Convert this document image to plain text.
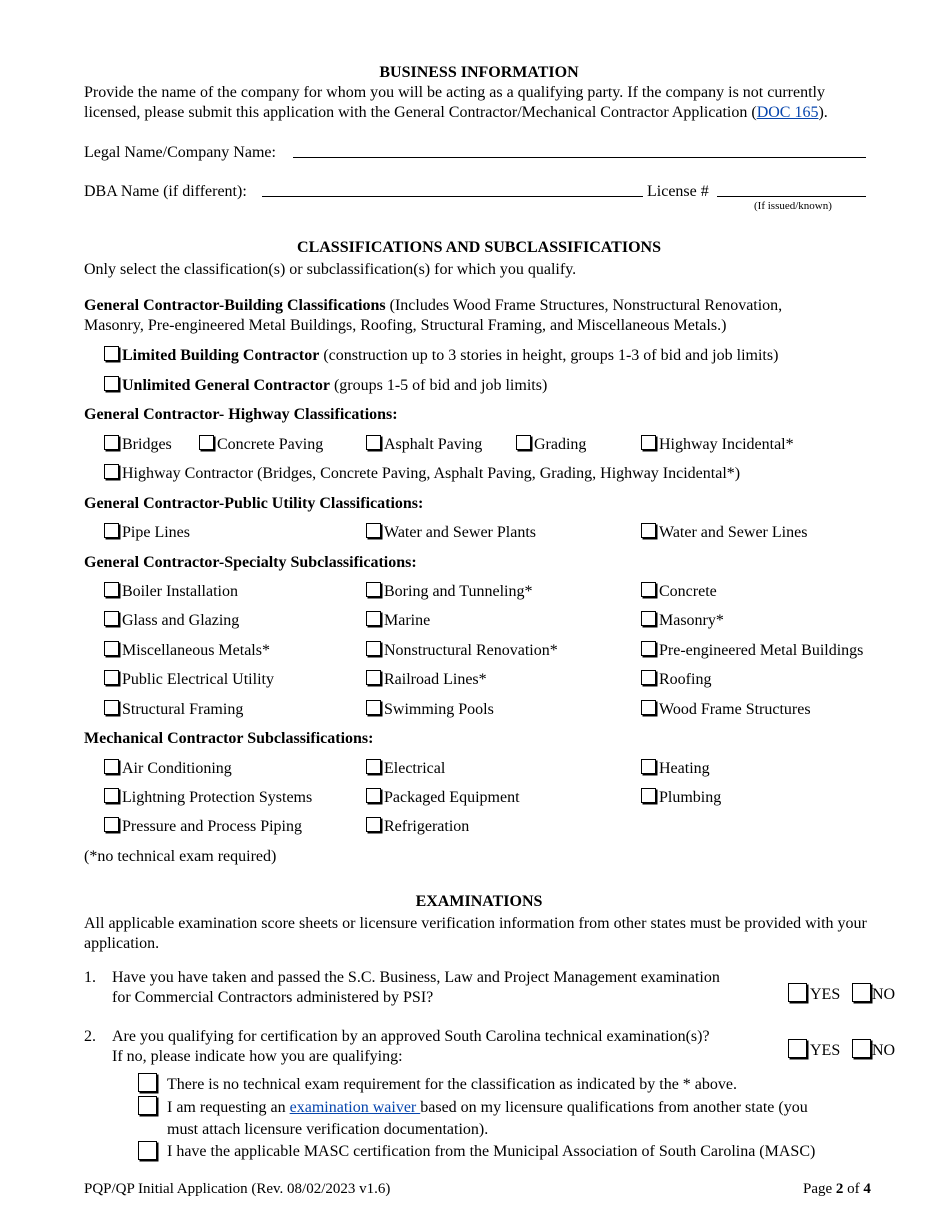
BUSINESS INFORMATION
Provide the name of the company for whom you will be acting as a qualifying party. If the company is not currently licensed, please submit this application with the General Contractor/Mechanical Contractor Application (DOC 165).
Legal Name/Company Name:
DBA Name (if different):	License #
(If issued/known)
CLASSIFICATIONS AND SUBCLASSIFICATIONS
Only select the classification(s) or subclassification(s) for which you qualify.
General Contractor-Building Classifications (Includes Wood Frame Structures, Nonstructural Renovation, Masonry, Pre-engineered Metal Buildings, Roofing, Structural Framing, and Miscellaneous Metals.)
Limited Building Contractor (construction up to 3 stories in height, groups 1-3 of bid and job limits)
Unlimited General Contractor (groups 1-5 of bid and job limits)
General Contractor- Highway Classifications:
Bridges	Concrete Paving	Asphalt Paving	Grading	Highway Incidental*
Highway Contractor (Bridges, Concrete Paving, Asphalt Paving, Grading, Highway Incidental*)
General Contractor-Public Utility Classifications:
Pipe Lines	Water and Sewer Plants	Water and Sewer Lines
General Contractor-Specialty Subclassifications:
Boiler Installation	Boring and Tunneling*	Concrete
Glass and Glazing	Marine	Masonry*
Miscellaneous Metals*	Nonstructural Renovation*	Pre-engineered Metal Buildings
Public Electrical Utility	Railroad Lines*	Roofing
Structural Framing	Swimming Pools	Wood Frame Structures
Mechanical Contractor Subclassifications:
Air Conditioning	Electrical	Heating
Lightning Protection Systems	Packaged Equipment	Plumbing
Pressure and Process Piping	Refrigeration
(*no technical exam required)
EXAMINATIONS
All applicable examination score sheets or licensure verification information from other states must be provided with your application.
1. Have you have taken and passed the S.C. Business, Law and Project Management examination
for Commercial Contractors administered by PSI?	YES	NO
2. Are you qualifying for certification by an approved South Carolina technical examination(s)?
If no, please indicate how you are qualifying:	YES	NO
There is no technical exam requirement for the classification as indicated by the * above.
I am requesting an examination waiver based on my licensure qualifications from another state (you
must attach licensure verification documentation).
I have the applicable MASC certification from the Municipal Association of South Carolina (MASC)
PQP/QP Initial Application (Rev. 08/02/2023 v1.6)	Page 2 of 4
